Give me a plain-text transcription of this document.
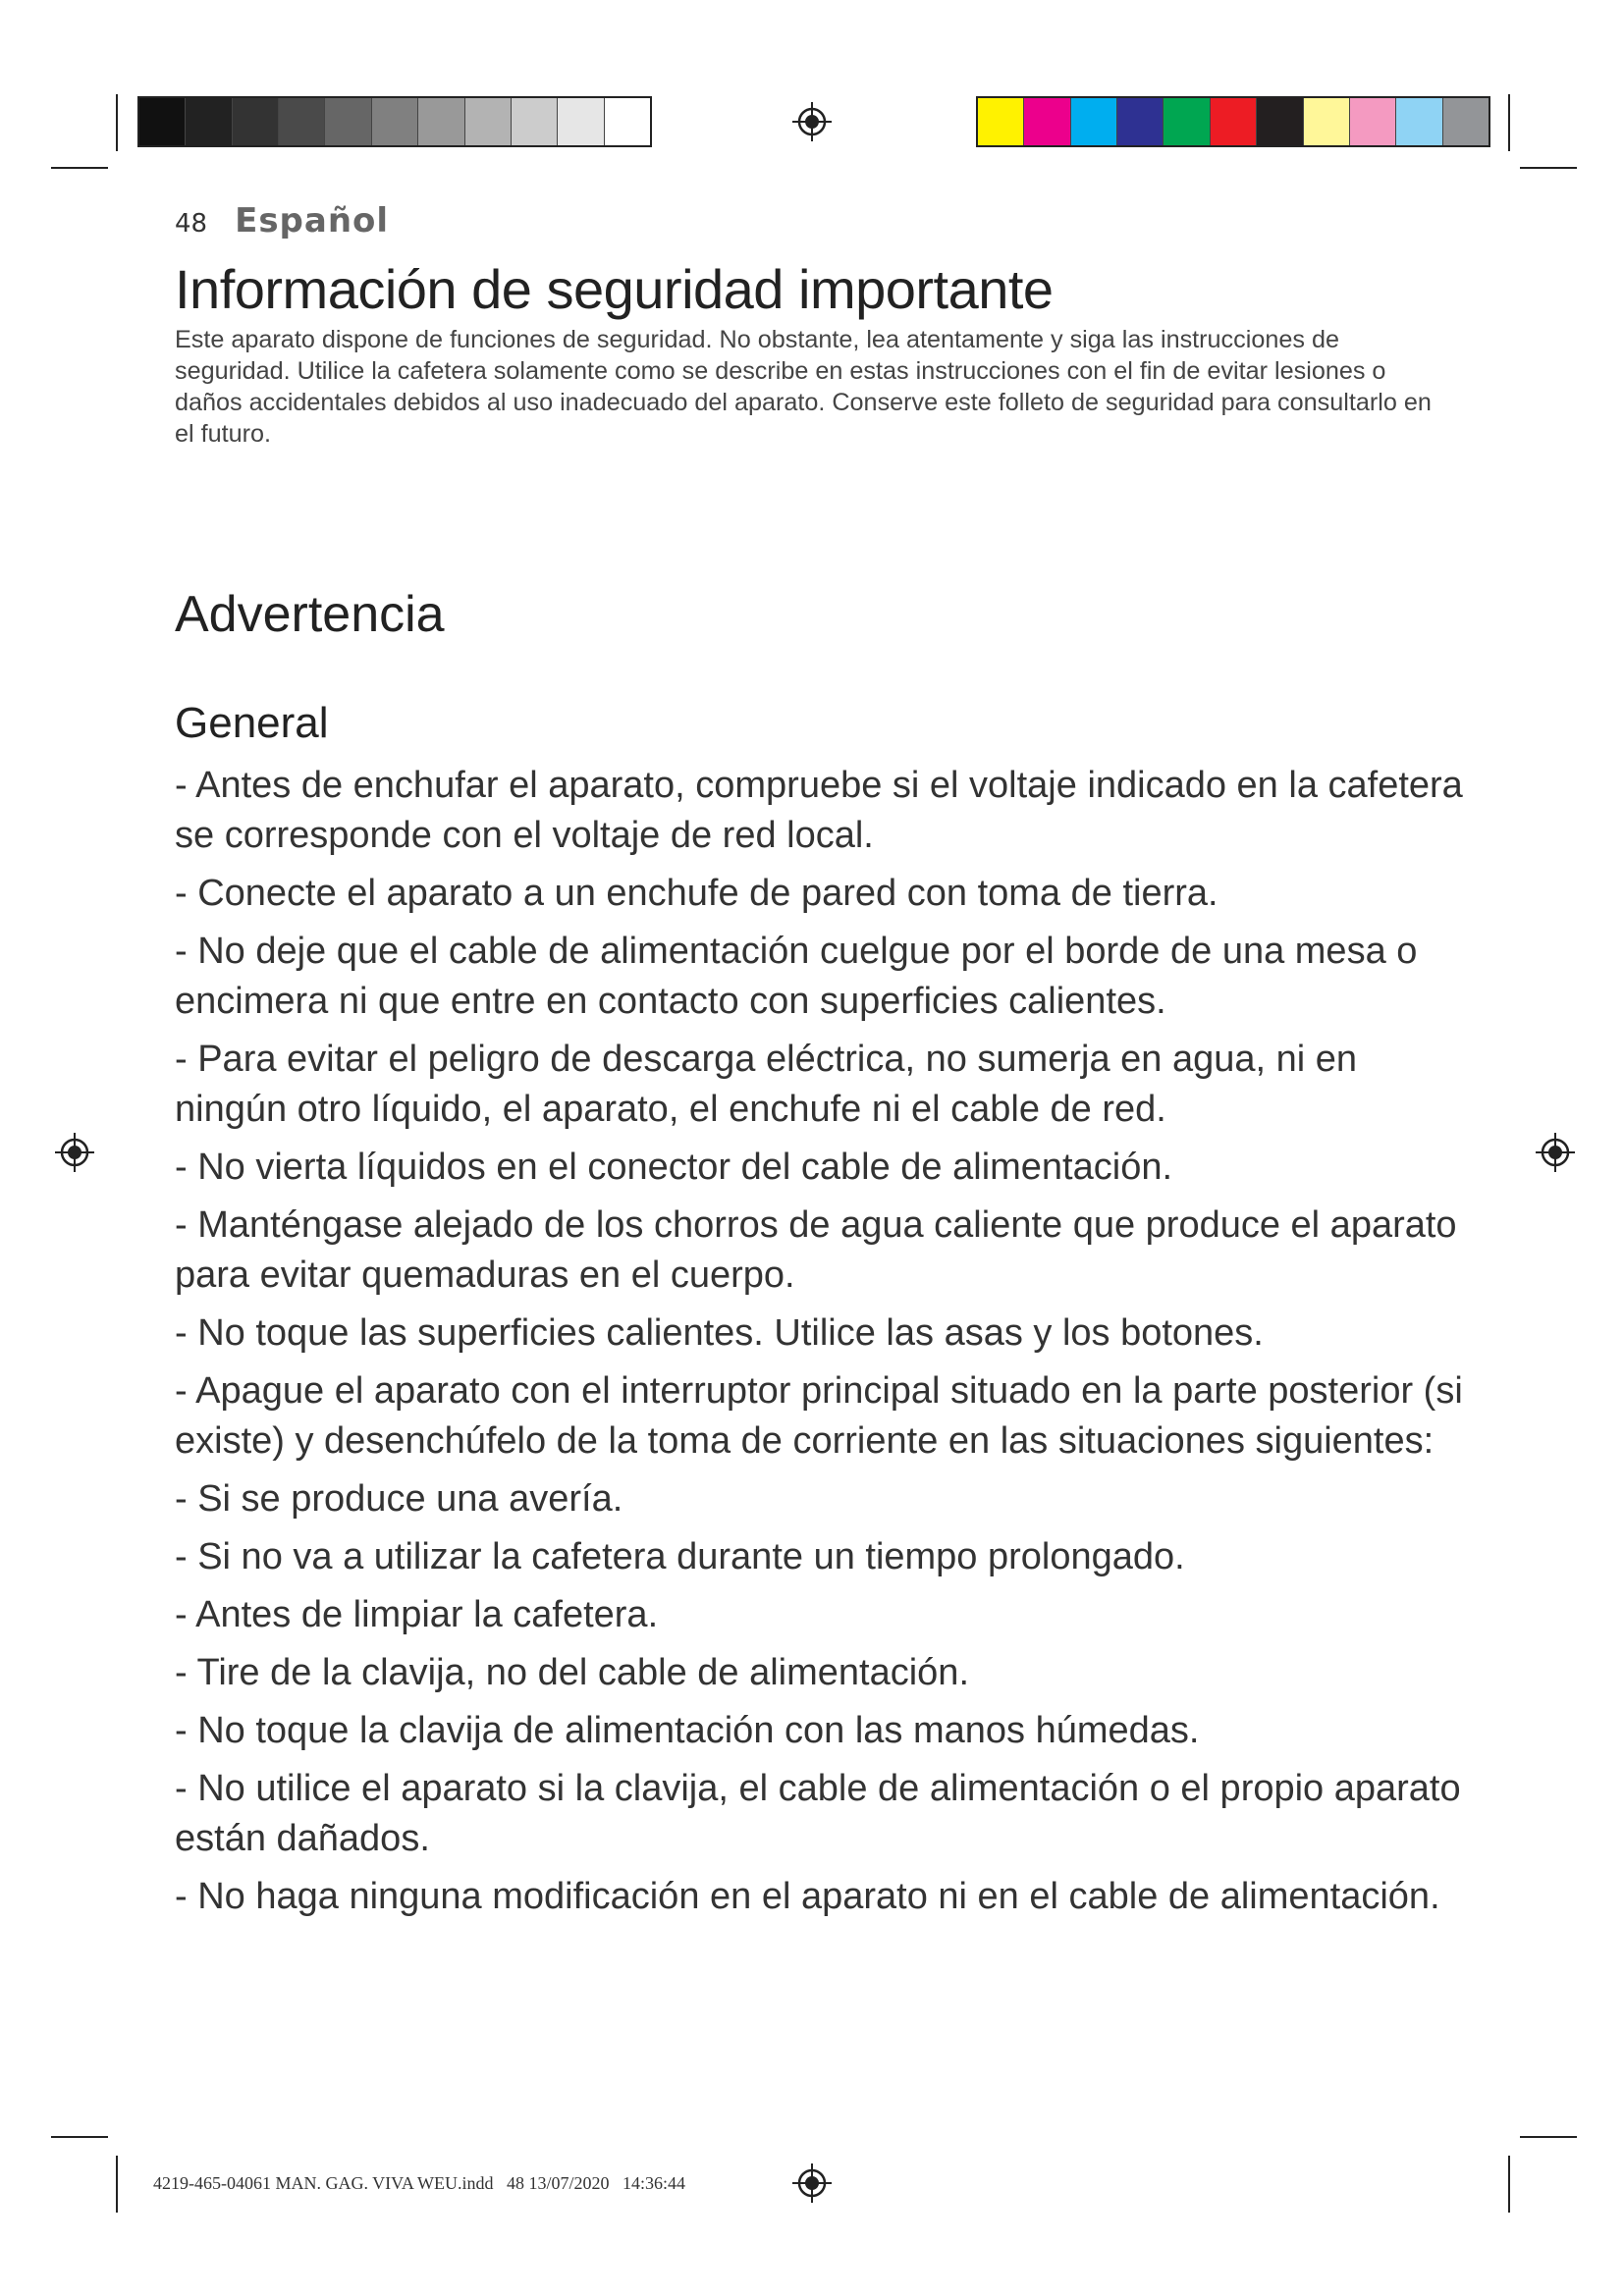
48 Español
Información de seguridad importante

Este aparato dispone de funciones de seguridad. No obstante, lea atentamente y siga las instrucciones de seguridad. Utilice la cafetera solamente como se describe en estas instrucciones con el fin de evitar lesiones o daños accidentales debidos al uso inadecuado del aparato. Conserve este folleto de seguridad para consultarlo en el futuro.

Advertencia
General
- Antes de enchufar el aparato, compruebe si el voltaje indicado en la cafetera se corresponde con el voltaje de red local.
- Conecte el aparato a un enchufe de pared con toma de tierra.
- No deje que el cable de alimentación cuelgue por el borde de una mesa o encimera ni que entre en contacto con superficies calientes.
- Para evitar el peligro de descarga eléctrica, no sumerja en agua, ni en ningún otro líquido, el aparato, el enchufe ni el cable de red.
- No vierta líquidos en el conector del cable de alimentación.
- Manténgase alejado de los chorros de agua caliente que produce el aparato para evitar quemaduras en el cuerpo.
- No toque las superficies calientes. Utilice las asas y los botones.
- Apague el aparato con el interruptor principal situado en la parte posterior (si existe) y desenchúfelo de la toma de corriente en las situaciones siguientes:
- Si se produce una avería.
- Si no va a utilizar la cafetera durante un tiempo prolongado.
- Antes de limpiar la cafetera.
- Tire de la clavija, no del cable de alimentación.
- No toque la clavija de alimentación con las manos húmedas.
- No utilice el aparato si la clavija, el cable de alimentación o el propio aparato están dañados.
- No haga ninguna modificación en el aparato ni en el cable de alimentación.
4219-465-04061 MAN. GAG. VIVA WEU.indd   48 13/07/2020   14:36:44
